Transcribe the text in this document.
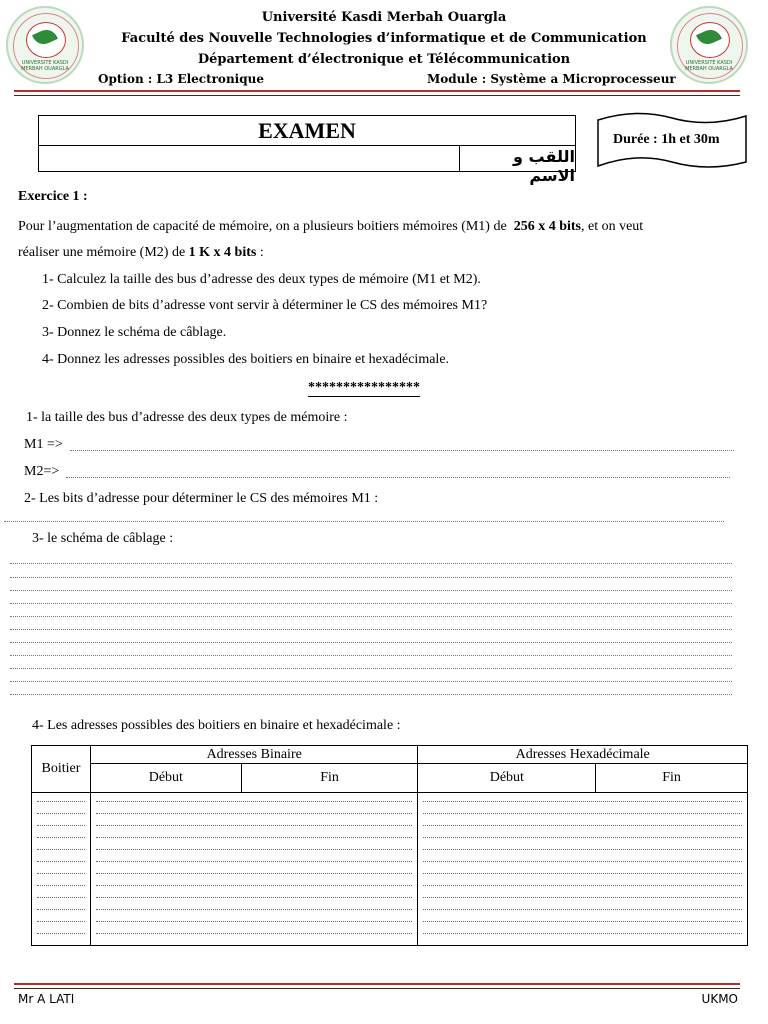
UNIVERSITE KASDI MERBAH OUARGLA
UNIVERSITE KASDI MERBAH OUARGLA
Université Kasdi Merbah Ouargla
Faculté des Nouvelle Technologies d’informatique et de Communication
Département d’électronique et Télécommunication
Option : L3 Electronique	Module : Système a Microprocesseur
EXAMEN
اللقب و الاسم
Durée : 1h et 30m
Exercice 1 :
Pour l’augmentation de capacité de mémoire, on a plusieurs boitiers mémoires (M1) de 256 x 4 bits, et on veut
réaliser une mémoire (M2) de 1 K x 4 bits :
1- Calculez la taille des bus d’adresse des deux types de mémoire (M1 et M2).
2- Combien de bits d’adresse vont servir à déterminer le CS des mémoires M1?
3- Donnez le schéma de câblage.
4- Donnez les adresses possibles des boitiers en binaire et hexadécimale.
****************
1- la taille des bus d’adresse des deux types de mémoire :
M1 =>
M2=>
2- Les bits d’adresse pour déterminer le CS des mémoires M1 :
3- le schéma de câblage :
4- Les adresses possibles des boitiers en binaire et hexadécimale :
Boitier	Adresses Binaire		Adresses Hexadécimale	
	Début	Fin	Début	Fin

Mr A LATI	UKMO
